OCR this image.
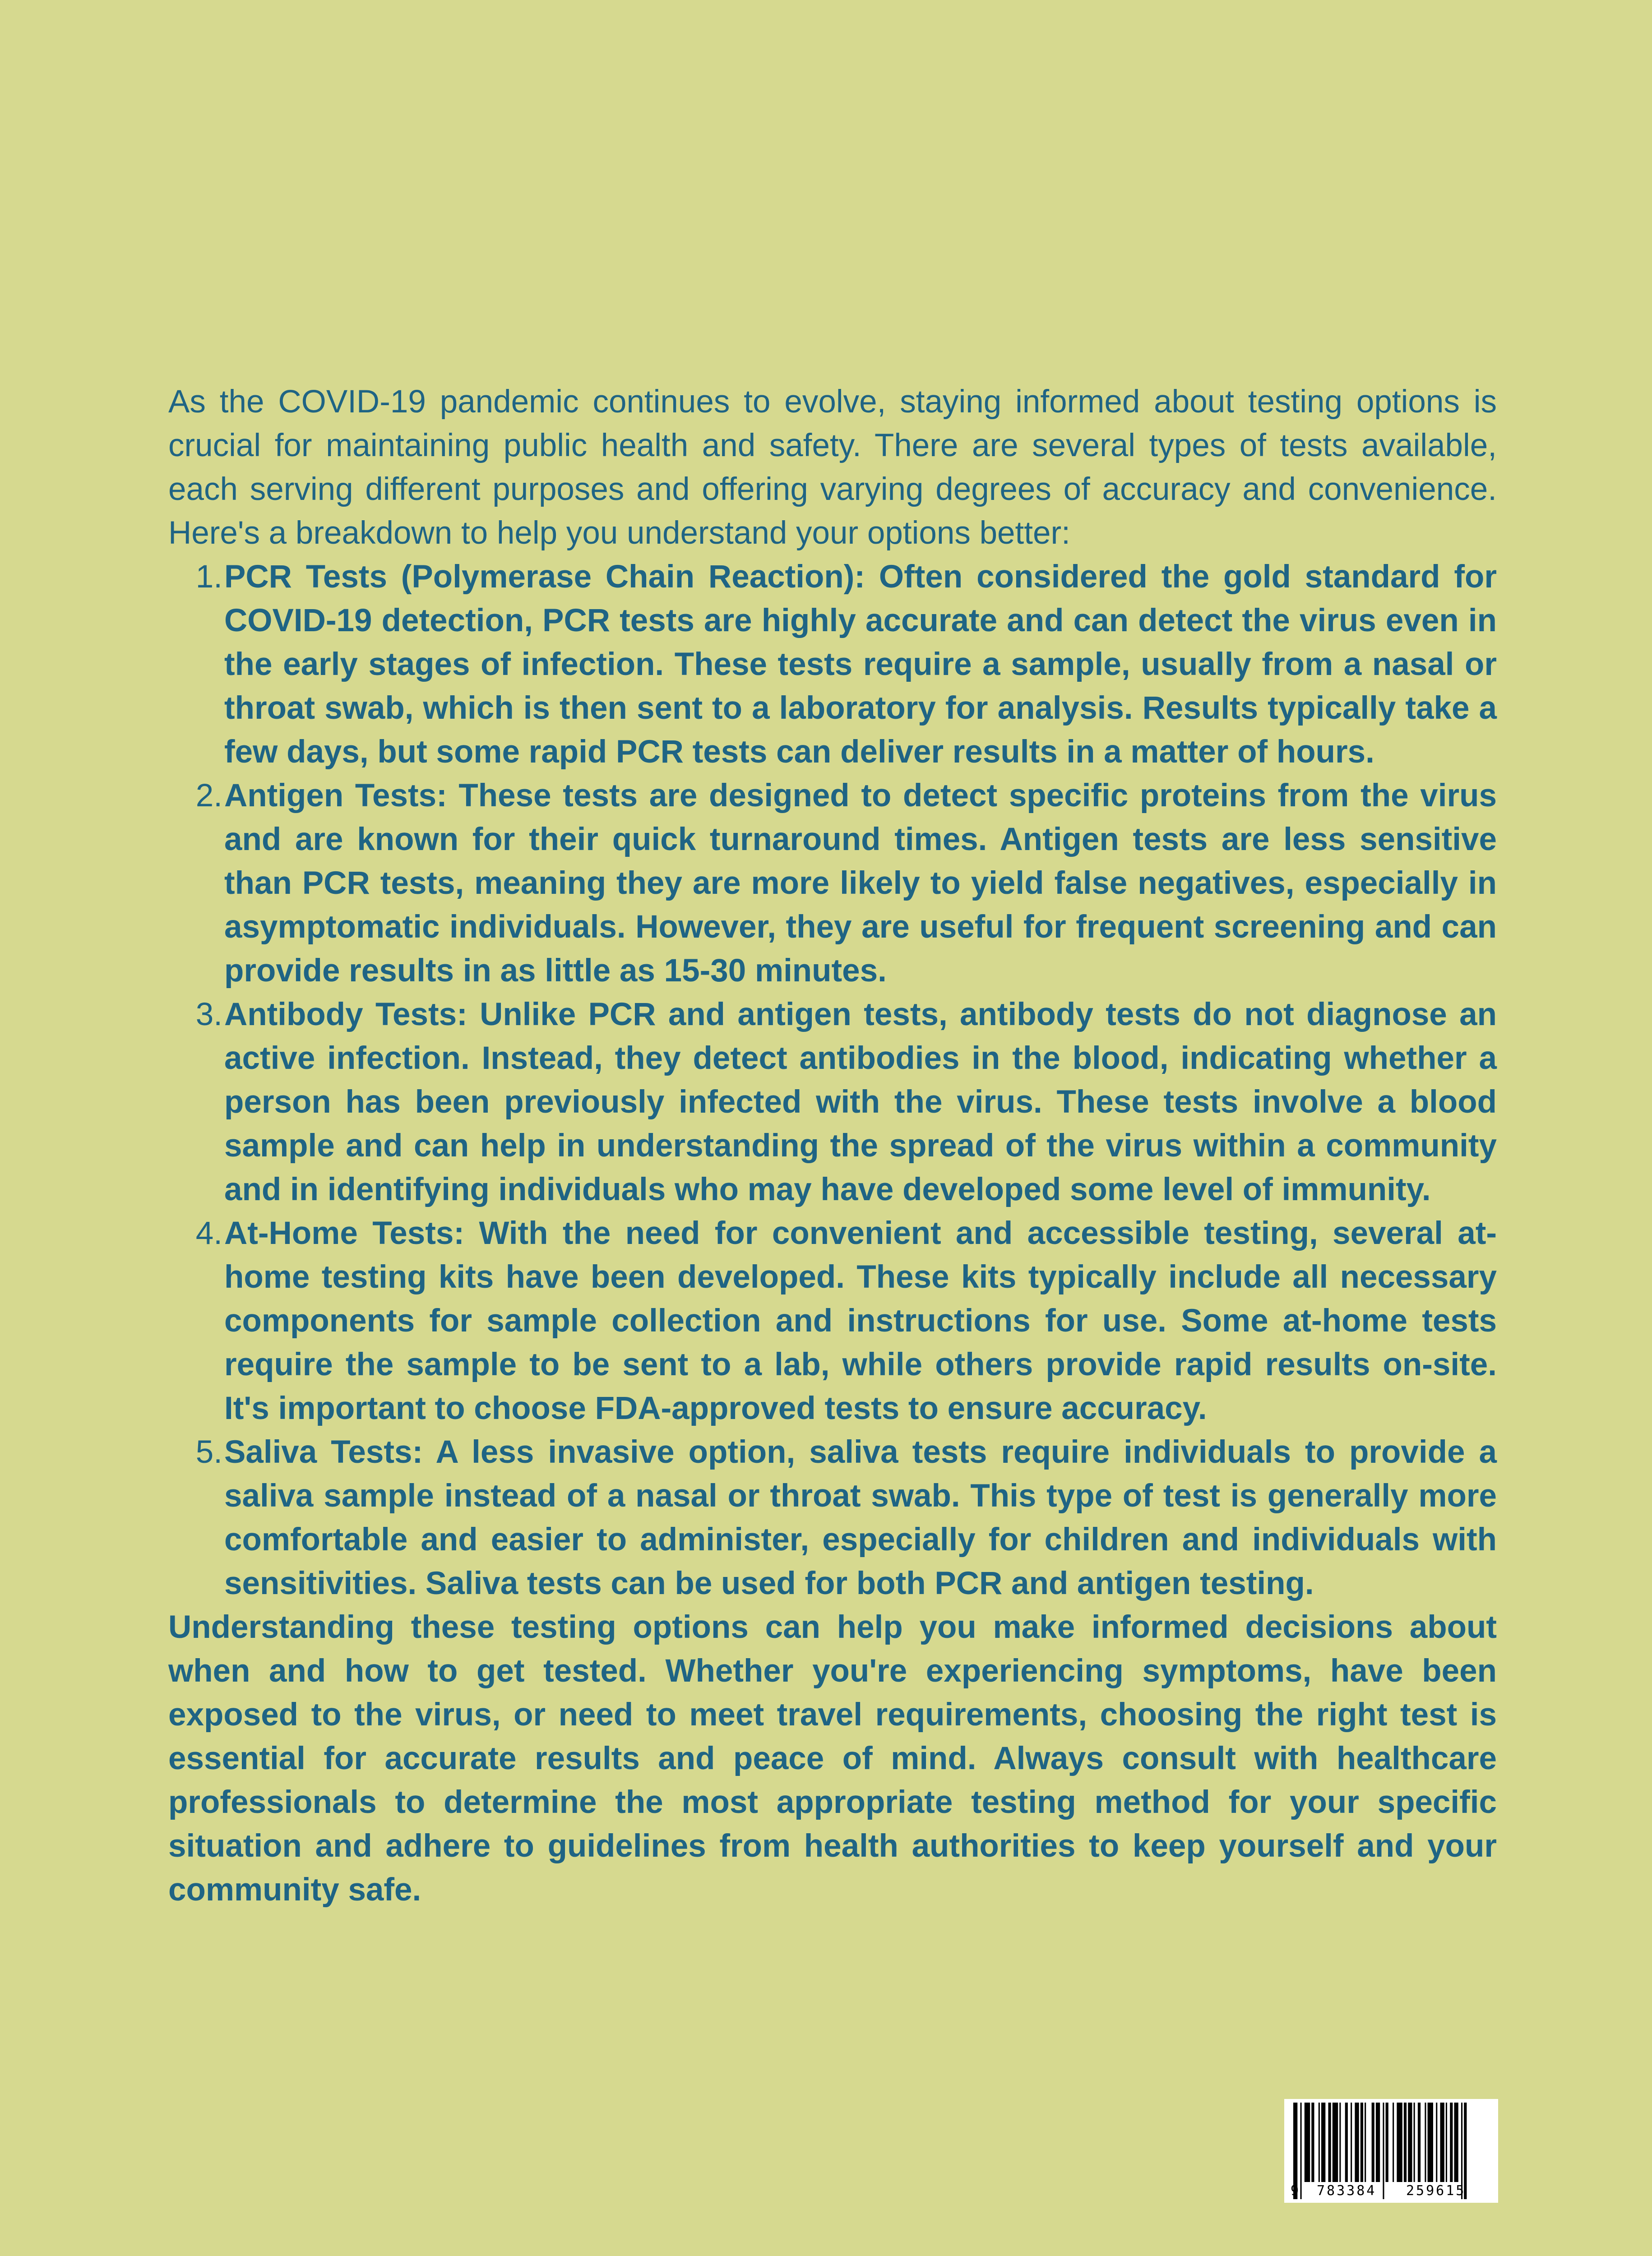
As the COVID-19 pandemic continues to evolve, staying informed about testing options is crucial for maintaining public health and safety. There are several types of tests available, each serving different purposes and offering varying degrees of accuracy and convenience. Here's a breakdown to help you understand your options better:

1. PCR Tests (Polymerase Chain Reaction): Often considered the gold standard for COVID-19 detection, PCR tests are highly accurate and can detect the virus even in the early stages of infection. These tests require a sample, usually from a nasal or throat swab, which is then sent to a laboratory for analysis. Results typically take a few days, but some rapid PCR tests can deliver results in a matter of hours.
2. Antigen Tests: These tests are designed to detect specific proteins from the virus and are known for their quick turnaround times. Antigen tests are less sensitive than PCR tests, meaning they are more likely to yield false negatives, especially in asymptomatic individuals. However, they are useful for frequent screening and can provide results in as little as 15-30 minutes.
3. Antibody Tests: Unlike PCR and antigen tests, antibody tests do not diagnose an active infection. Instead, they detect antibodies in the blood, indicating whether a person has been previously infected with the virus. These tests involve a blood sample and can help in understanding the spread of the virus within a community and in identifying individuals who may have developed some level of immunity.
4. At-Home Tests: With the need for convenient and accessible testing, several at-home testing kits have been developed. These kits typically include all necessary components for sample collection and instructions for use. Some at-home tests require the sample to be sent to a lab, while others provide rapid results on-site. It's important to choose FDA-approved tests to ensure accuracy.
5. Saliva Tests: A less invasive option, saliva tests require individuals to provide a saliva sample instead of a nasal or throat swab. This type of test is generally more comfortable and easier to administer, especially for children and individuals with sensitivities. Saliva tests can be used for both PCR and antigen testing.

Understanding these testing options can help you make informed decisions about when and how to get tested. Whether you're experiencing symptoms, have been exposed to the virus, or need to meet travel requirements, choosing the right test is essential for accurate results and peace of mind. Always consult with healthcare professionals to determine the most appropriate testing method for your specific situation and adhere to guidelines from health authorities to keep yourself and your community safe.

9 783384 259615
